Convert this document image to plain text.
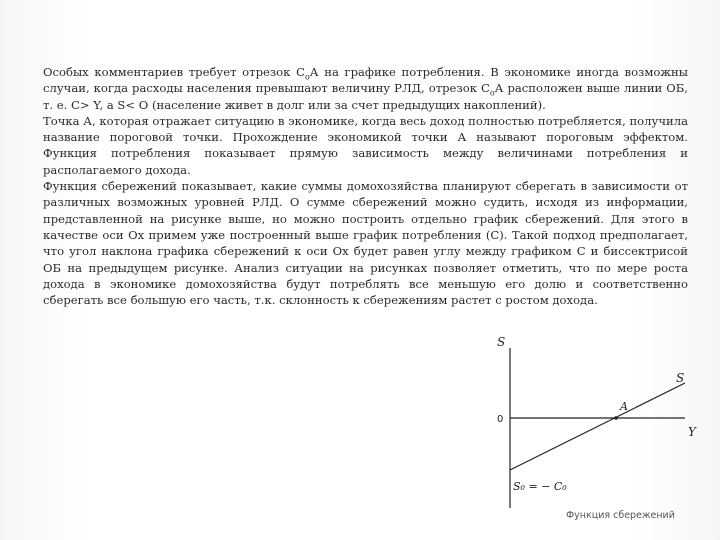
Особых комментариев требует отрезок $С_оА$ на графике потребления. В экономике иногда возможны случаи, когда расходы населения превышают величину РЛД, отрезок $С_оА$ расположен выше линии ОБ, т. е. С> Y, a S< О (население живет в долг или за счет предыдущих накоплений).

Точка А, которая отражает ситуацию в экономике, когда весь доход полностью потребляется, получила название пороговой точки. Прохождение экономикой точки А называют пороговым эффектом. Функция потребления показывает прямую зависимость между величинами потребления и располагаемого дохода.

Функция сбережений показывает, какие суммы домохозяйства планируют сберегать в зависимости от различных возможных уровней РЛД. О сумме сбережений можно судить, исходя из информации, представленной на рисунке выше, но можно построить отдельно график сбережений. Для этого в качестве оси Ох примем уже построенный выше график потребления (С). Такой подход предполагает, что угол наклона графика сбережений к оси Ох будет равен углу между графиком С и биссектрисой ОБ на предыдущем рисунке. Анализ ситуации на рисунках позволяет отметить, что по мере роста дохода в экономике домохозяйства будут потреблять все меньшую его долю и соответственно сберегать все большую его часть, т.к. склонность к сбережениям растет с ростом дохода.

S
S
A
0
Y
S₀ = − C₀
Функция сбережений
